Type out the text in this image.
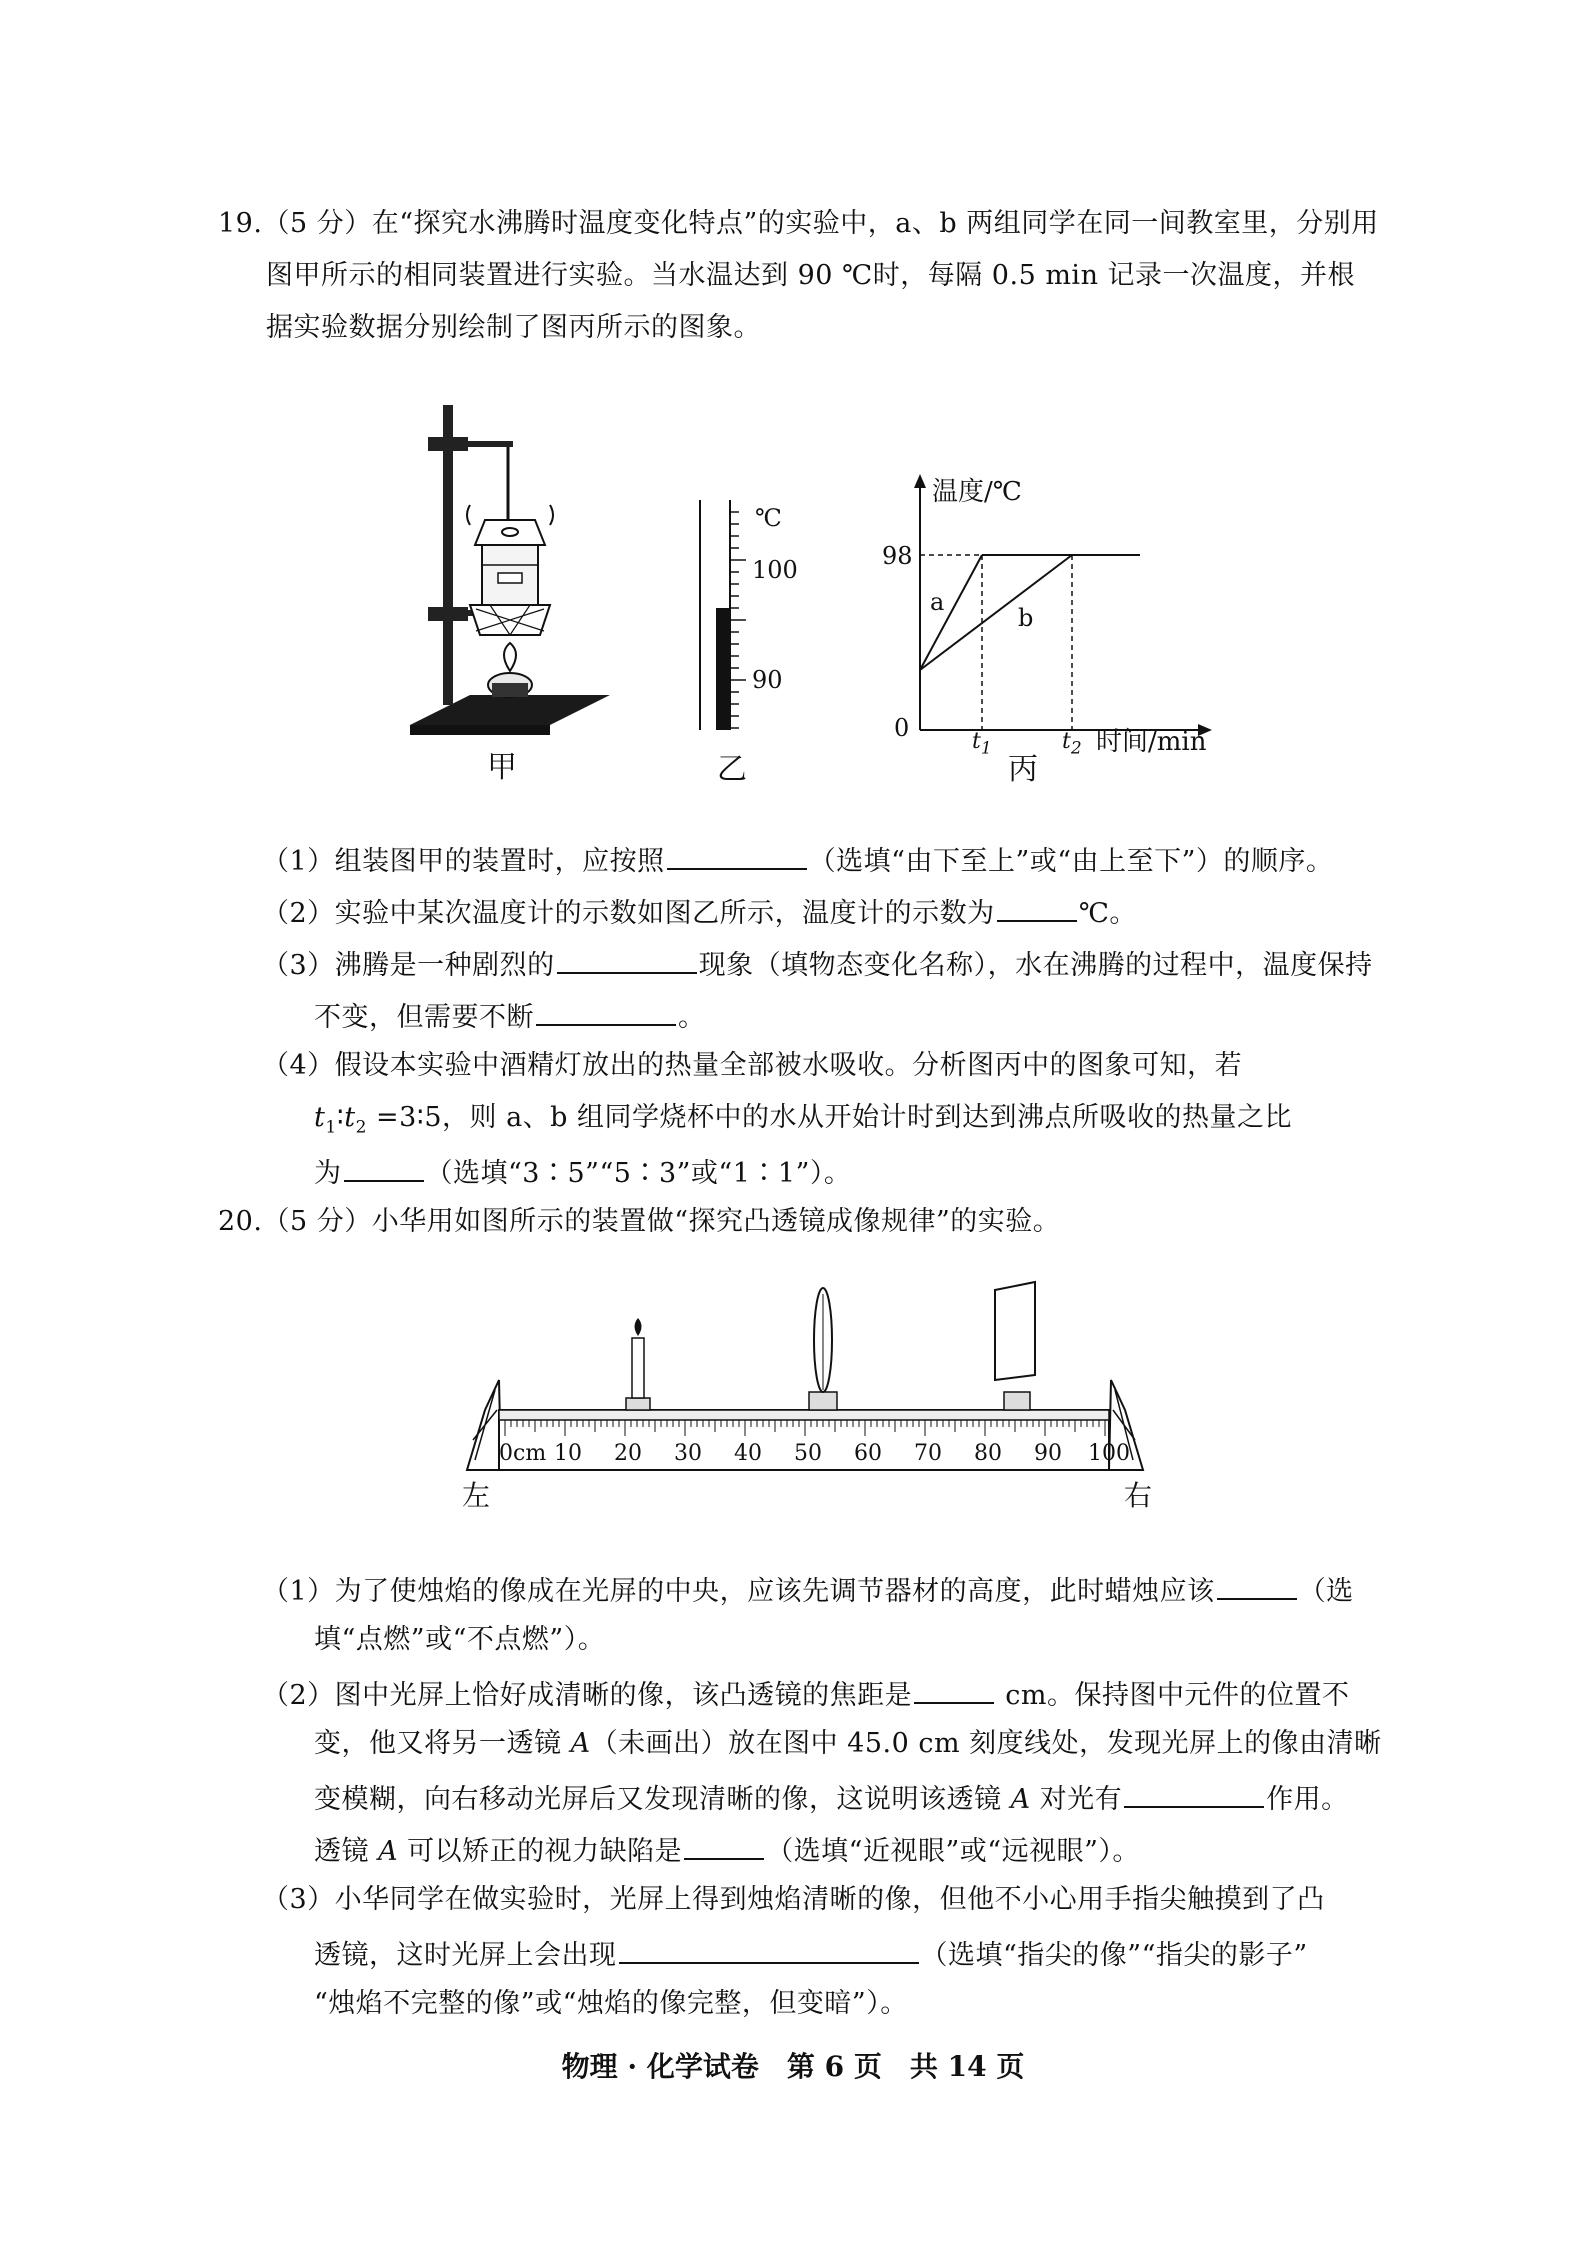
19.（5 分）在“探究水沸腾时温度变化特点”的实验中，a、b 两组同学在同一间教室里，分别用
图甲所示的相同装置进行实验。当水温达到 90 ℃时，每隔 0.5 min 记录一次温度，并根
据实验数据分别绘制了图丙所示的图象。
甲
℃
100
90
乙
温度/℃
98
0
a
b
$t_1$	$t_2$ 时间/min
丙
（1）组装图甲的装置时，应按照	（选填“由下至上”或“由上至下”）的顺序。
（2）实验中某次温度计的示数如图乙所示，温度计的示数为	℃。
（3）沸腾是一种剧烈的	现象（填物态变化名称），水在沸腾的过程中，温度保持
不变，但需要不断	。
（4）假设本实验中酒精灯放出的热量全部被水吸收。分析图丙中的图象可知，若
$t_1∶t_2$ =3∶5，则 a、b 组同学烧杯中的水从开始计时到达到沸点所吸收的热量之比
为	（选填“3∶5”“5∶3”或“1∶1”）。
20.（5 分）小华用如图所示的装置做“探究凸透镜成像规律”的实验。
0cm 10 20 30 40 50 60 70 80 90 100
左	右
（1）为了使烛焰的像成在光屏的中央，应该先调节器材的高度，此时蜡烛应该	（选
填“点燃”或“不点燃”）。
（2）图中光屏上恰好成清晰的像，该凸透镜的焦距是	cm。保持图中元件的位置不
变，他又将另一透镜 A（未画出）放在图中 45.0 cm 刻度线处，发现光屏上的像由清晰
变模糊，向右移动光屏后又发现清晰的像，这说明该透镜 A 对光有	作用。
透镜 A 可以矫正的视力缺陷是	（选填“近视眼”或“远视眼”）。
（3）小华同学在做实验时，光屏上得到烛焰清晰的像，但他不小心用手指尖触摸到了凸
透镜，这时光屏上会出现	（选填“指尖的像”“指尖的影子”
“烛焰不完整的像”或“烛焰的像完整，但变暗”）。
物理 · 化学试卷　第 6 页　共 14 页
